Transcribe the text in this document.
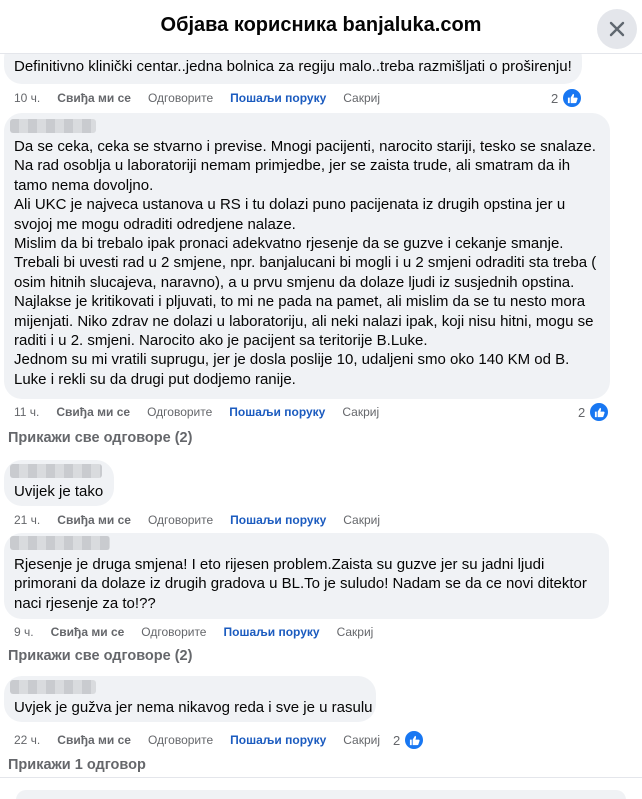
Објава корисника banjaluka.com
Definitivno klinički centar..jedna bolnica za regiju malo..treba razmišljati o proširenju!
10 ч. Свиђа ми се Одговорите Пошаљи поруку Сакриј	2
Da se ceka, ceka se stvarno i previse. Mnogi pacijenti, narocito stariji, tesko se snalaze.
Na rad osoblja u laboratoriji nemam primjedbe, jer se zaista trude, ali smatram da ih
tamo nema dovoljno.
Ali UKC je najveca ustanova u RS i tu dolazi puno pacijenata iz drugih opstina jer u
svojoj me mogu odraditi odredjene nalaze.
Mislim da bi trebalo ipak pronaci adekvatno rjesenje da se guzve i cekanje smanje.
Trebali bi uvesti rad u 2 smjene, npr. banjalucani bi mogli i u 2 smjeni odraditi sta treba (
osim hitnih slucajeva, naravno), a u prvu smjenu da dolaze ljudi iz susjednih opstina.
Najlakse je kritikovati i pljuvati, to mi ne pada na pamet, ali mislim da se tu nesto mora
mijenjati. Niko zdrav ne dolazi u laboratoriju, ali neki nalazi ipak, koji nisu hitni, mogu se
raditi i u 2. smjeni. Narocito ako je pacijent sa teritorije B.Luke.
Jednom su mi vratili suprugu, jer je dosla poslije 10, udaljeni smo oko 140 KM od B.
Luke i rekli su da drugi put dodjemo ranije.
11 ч. Свиђа ми се Одговорите Пошаљи поруку Сакриј	2
Прикажи све одговоре (2)
Uvijek je tako
21 ч. Свиђа ми се Одговорите Пошаљи поруку Сакриј
Rjesenje je druga smjena! I eto rijesen problem.Zaista su guzve jer su jadni ljudi
primorani da dolaze iz drugih gradova u BL.To je suludo! Nadam se da ce novi ditektor
naci rjesenje za to!??
9 ч. Свиђа ми се Одговорите Пошаљи поруку Сакриј
Прикажи све одговоре (2)
Uvjek je gužva jer nema nikavog reda i sve je u rasulu
22 ч. Свиђа ми се Одговорите Пошаљи поруку Сакриј 2
Прикажи 1 одговор
